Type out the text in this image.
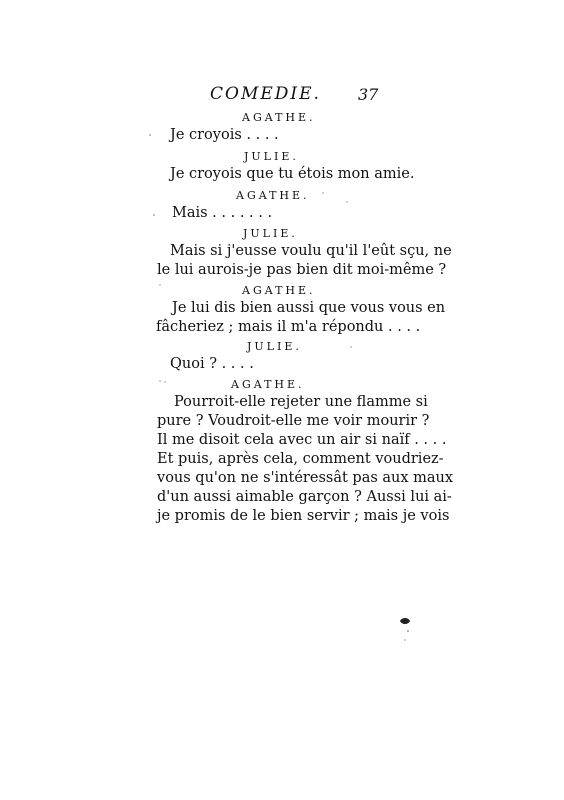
COMEDIE. 37
AGATHE.
Je croyois . . . .
JULIE.
Je croyois que tu étois mon amie.
AGATHE.
Mais . . . . . . .
JULIE.
Mais si j'eusse voulu qu'il l'eût sçu, ne
le lui aurois-je pas bien dit moi-même ?
AGATHE.
Je lui dis bien aussi que vous vous en
fâcheriez ; mais il m'a répondu . . . .
JULIE.
Quoi ? . . . .
AGATHE.
Pourroit-elle rejeter une flamme si
pure ? Voudroit-elle me voir mourir ?
Il me disoit cela avec un air si naïf . . . .
Et puis, après cela, comment voudriez-
vous qu'on ne s'intéressât pas aux maux
d'un aussi aimable garçon ? Aussi lui ai-
je promis de le bien servir ; mais je vois
